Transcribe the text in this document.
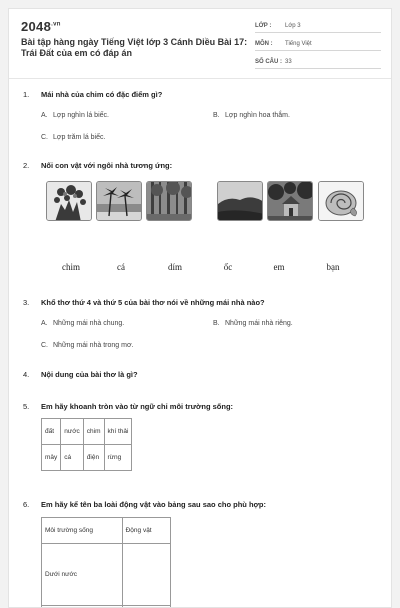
$2048^{.vn}$
Bài tập hàng ngày Tiếng Việt lớp 3 Cánh Diều Bài 17: Trái Đất của em có đáp án
LỚP :	Lớp 3
MÔN :	Tiếng Việt
SỐ CÂU : 33
1. Mái nhà của chim có đặc điểm gì?
A. Lợp nghìn lá biếc.	B. Lợp nghìn hoa thắm.
C. Lợp trăm lá biếc.
2. Nối con vật với ngôi nhà tương ứng:
chim	cá	dím	ốc	em	bạn
3. Khổ thơ thứ 4 và thứ 5 của bài thơ nói về những mái nhà nào?
A. Những mái nhà chung.	B. Những mái nhà riêng.
C. Những mái nhà trong mơ.
4. Nội dung của bài thơ là gì?
5. Em hãy khoanh tròn vào từ ngữ chỉ môi trường sống:
đất	nước	chim	khí thải
mây	cá	điện	rừng
6. Em hãy kể tên ba loài động vật vào bảng sau sao cho phù hợp:
Môi trường sống	Động vật
Dưới nước	
